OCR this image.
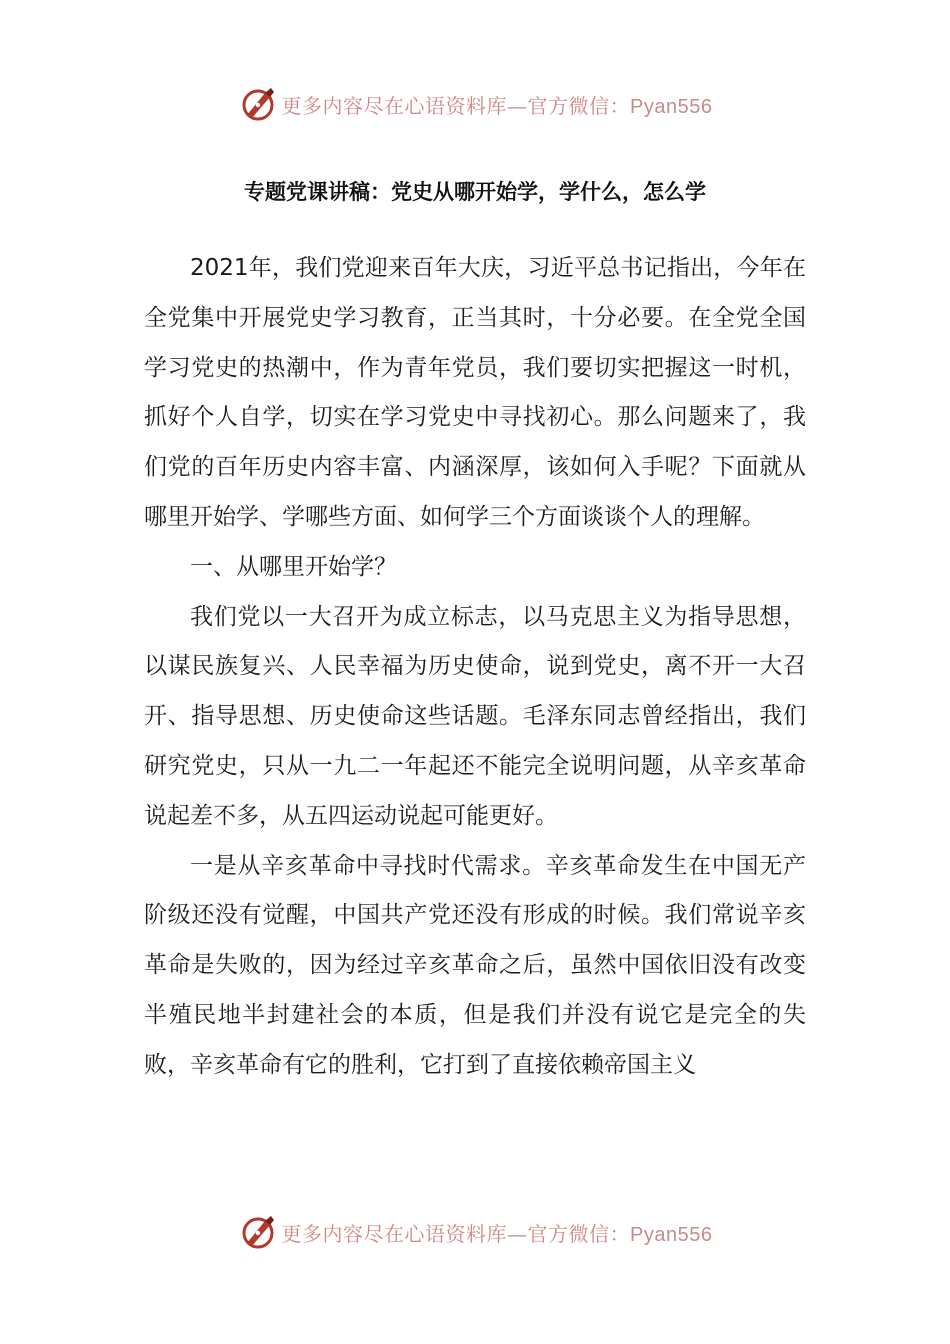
更多内容尽在心语资料库—官方微信：Pyan556
专题党课讲稿：党史从哪开始学，学什么，怎么学

2021年，我们党迎来百年大庆，习近平总书记指出，今年在全党集中开展党史学习教育，正当其时，十分必要。在全党全国学习党史的热潮中，作为青年党员，我们要切实把握这一时机，抓好个人自学，切实在学习党史中寻找初心。那么问题来了，我们党的百年历史内容丰富、内涵深厚，该如何入手呢？下面就从哪里开始学、学哪些方面、如何学三个方面谈谈个人的理解。

一、从哪里开始学？

我们党以一大召开为成立标志，以马克思主义为指导思想，以谋民族复兴、人民幸福为历史使命，说到党史，离不开一大召开、指导思想、历史使命这些话题。毛泽东同志曾经指出，我们研究党史，只从一九二一年起还不能完全说明问题，从辛亥革命说起差不多，从五四运动说起可能更好。

一是从辛亥革命中寻找时代需求。辛亥革命发生在中国无产阶级还没有觉醒，中国共产党还没有形成的时候。我们常说辛亥革命是失败的，因为经过辛亥革命之后，虽然中国依旧没有改变半殖民地半封建社会的本质，但是我们并没有说它是完全的失败，辛亥革命有它的胜利，它打到了直接依赖帝国主义

更多内容尽在心语资料库—官方微信：Pyan556
